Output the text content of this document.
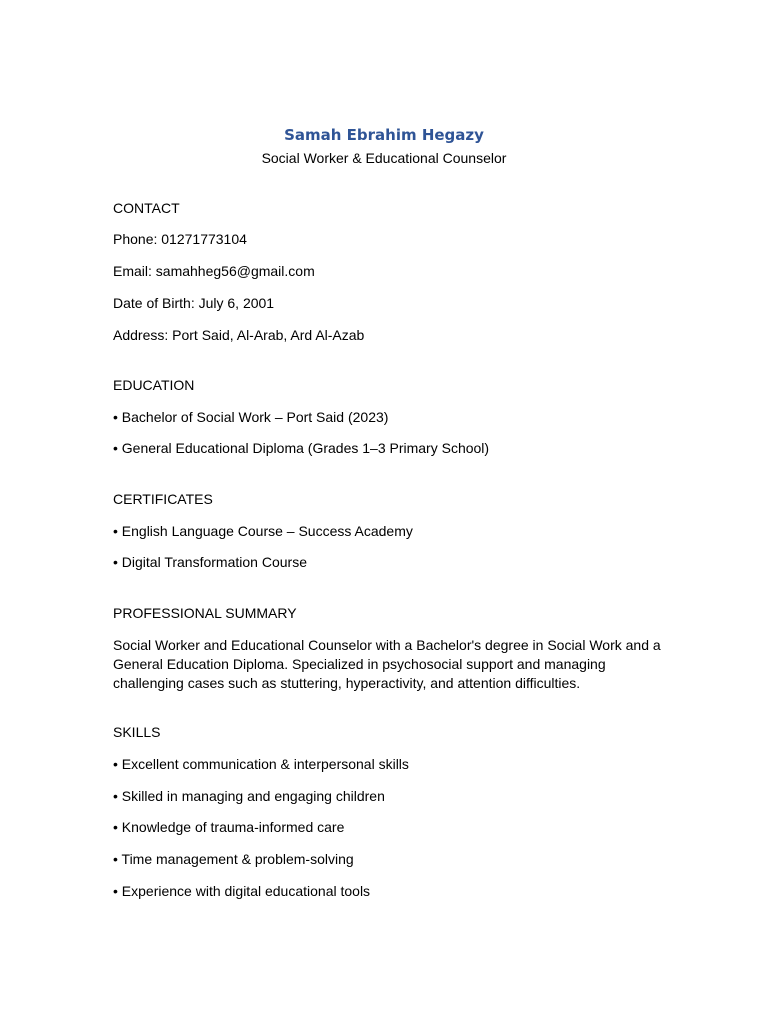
Samah Ebrahim Hegazy
Social Worker & Educational Counselor
CONTACT
Phone: 01271773104
Email: samahheg56@gmail.com
Date of Birth: July 6, 2001
Address: Port Said, Al-Arab, Ard Al-Azab
EDUCATION
• Bachelor of Social Work – Port Said (2023)
• General Educational Diploma (Grades 1–3 Primary School)
CERTIFICATES
• English Language Course – Success Academy
• Digital Transformation Course
PROFESSIONAL SUMMARY
Social Worker and Educational Counselor with a Bachelor's degree in Social Work and a
General Education Diploma. Specialized in psychosocial support and managing
challenging cases such as stuttering, hyperactivity, and attention difficulties.
SKILLS
• Excellent communication & interpersonal skills
• Skilled in managing and engaging children
• Knowledge of trauma-informed care
• Time management & problem-solving
• Experience with digital educational tools
